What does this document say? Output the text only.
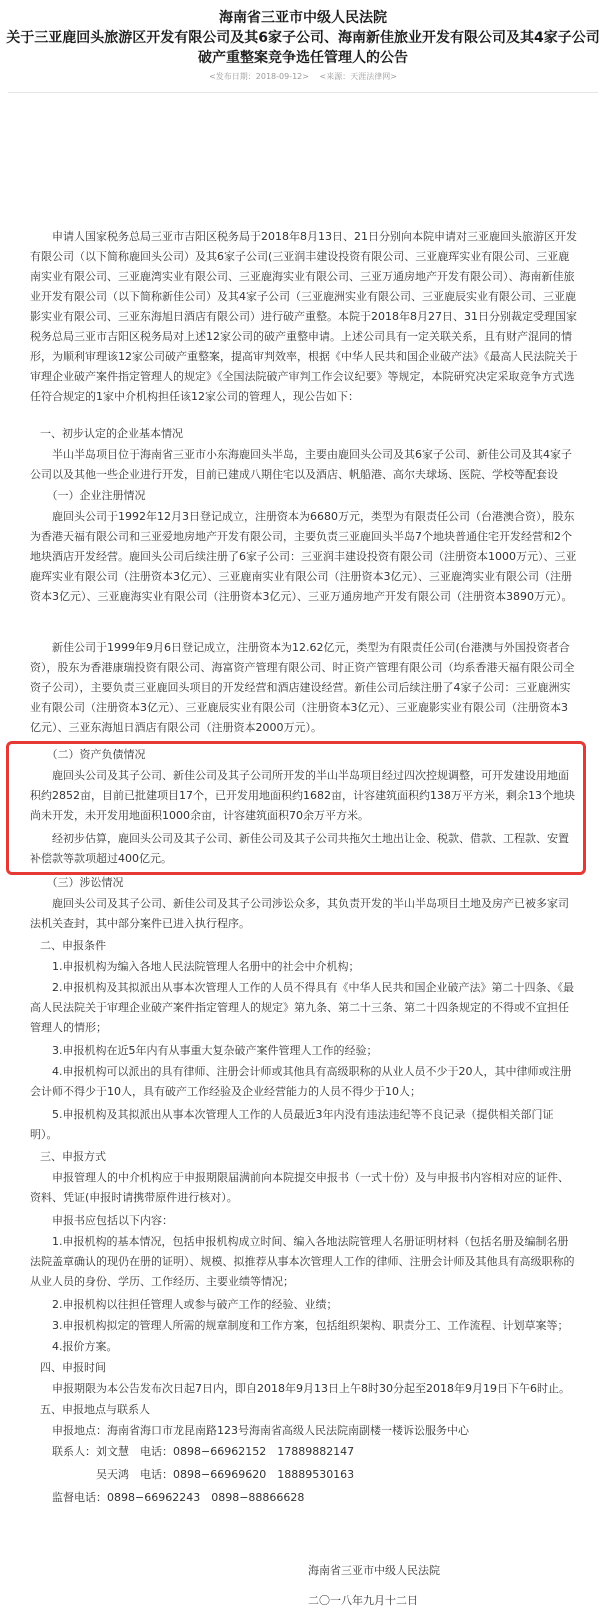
海南省三亚市中级人民法院
关于三亚鹿回头旅游区开发有限公司及其6家子公司、海南新佳旅业开发有限公司及其4家子公司破产重整案竞争选任管理人的公告
<发布日期：2018-09-12> <来源：天涯法律网>

　　申请人国家税务总局三亚市吉阳区税务局于2018年8月13日、21日分别向本院申请对三亚鹿回头旅游区开发有限公司（以下简称鹿回头公司）及其6家子公司(三亚润丰建设投资有限公司、三亚鹿珲实业有限公司、三亚鹿南实业有限公司、三亚鹿湾实业有限公司、三亚鹿海实业有限公司、三亚万通房地产开发有限公司）、海南新佳旅业开发有限公司（以下简称新佳公司）及其4家子公司（三亚鹿洲实业有限公司、三亚鹿辰实业有限公司、三亚鹿影实业有限公司、三亚东海旭日酒店有限公司）进行破产重整。本院于2018年8月27日、31日分别裁定受理国家税务总局三亚市吉阳区税务局对上述12家公司的破产重整申请。上述公司具有一定关联关系，且有财产混同的情形，为顺利审理该12家公司破产重整案，提高审判效率，根据《中华人民共和国企业破产法》《最高人民法院关于审理企业破产案件指定管理人的规定》《全国法院破产审判工作会议纪要》等规定，本院研究决定采取竞争方式选任符合规定的1家中介机构担任该12家公司的管理人，现公告如下：

　　一、初步认定的企业基本情况

　　半山半岛项目位于海南省三亚市小东海鹿回头半岛，主要由鹿回头公司及其6家子公司、新佳公司及其4家子公司以及其他一些企业进行开发，目前已建成八期住宅以及酒店、帆船港、高尔夫球场、医院、学校等配套设

　　（一）企业注册情况

　　鹿回头公司于1992年12月3日登记成立，注册资本为6680万元，类型为有限责任公司（台港澳合资），股东为香港天福有限公司和三亚爱地房地产开发有限公司，主要负责三亚鹿回头半岛7个地块普通住宅开发经营和2个地块酒店开发经营。鹿回头公司后续注册了6家子公司：三亚润丰建设投资有限公司（注册资本1000万元）、三亚鹿珲实业有限公司（注册资本3亿元）、三亚鹿南实业有限公司（注册资本3亿元）、三亚鹿湾实业有限公司（注册资本3亿元）、三亚鹿海实业有限公司（注册资本3亿元）、三亚万通房地产开发有限公司（注册资本3890万元）。

　　新佳公司于1999年9月6日登记成立，注册资本为12.62亿元，类型为有限责任公司(台港澳与外国投资者合资），股东为香港康瑞投资有限公司、海富资产管理有限公司、时正资产管理有限公司（均系香港天福有限公司全资子公司），主要负责三亚鹿回头项目的开发经营和酒店建设经营。新佳公司后续注册了4家子公司：三亚鹿洲实业有限公司（注册资本3亿元）、三亚鹿辰实业有限公司（注册资本3亿元）、三亚鹿影实业有限公司（注册资本3亿元）、三亚东海旭日酒店有限公司（注册资本2000万元）。

　　（二）资产负债情况

　　鹿回头公司及其子公司、新佳公司及其子公司所开发的半山半岛项目经过四次控规调整，可开发建设用地面积约2852亩，目前已批建项目17个，已开发用地面积约1682亩，计容建筑面积约138万平方米，剩余13个地块尚未开发，未开发用地面积1000余亩，计容建筑面积70余万平方米。

　　经初步估算，鹿回头公司及其子公司、新佳公司及其子公司共拖欠土地出让金、税款、借款、工程款、安置补偿款等款项超过400亿元。

　　（三）涉讼情况

　　鹿回头公司及其子公司、新佳公司及其子公司涉讼众多，其负责开发的半山半岛项目土地及房产已被多家司法机关查封，其中部分案件已进入执行程序。

　　二、申报条件

　　1.申报机构为编入各地人民法院管理人名册中的社会中介机构；

　　2.申报机构及其拟派出从事本次管理人工作的人员不得具有《中华人民共和国企业破产法》第二十四条、《最高人民法院关于审理企业破产案件指定管理人的规定》第九条、第二十三条、第二十四条规定的不得或不宜担任管理人的情形；

　　3.申报机构在近5年内有从事重大复杂破产案件管理人工作的经验；

　　4.申报机构可以派出的具有律师、注册会计师或其他具有高级职称的从业人员不少于20人，其中律师或注册会计师不得少于10人，具有破产工作经验及企业经营能力的人员不得少于10人；

　　5.申报机构及其拟派出从事本次管理人工作的人员最近3年内没有违法违纪等不良记录（提供相关部门证明）。

　　三、申报方式

　　申报管理人的中介机构应于申报期限届满前向本院提交申报书（一式十份）及与申报书内容相对应的证件、资料、凭证(申报时请携带原件进行核对）。

　　申报书应包括以下内容：

　　1.申报机构的基本情况，包括申报机构成立时间、编入各地法院管理人名册证明材料（包括名册及编制名册法院盖章确认的现仍在册的证明）、规模、拟推荐从事本次管理人工作的律师、注册会计师及其他具有高级职称的从业人员的身份、学历、工作经历、主要业绩等情况；

　　2.申报机构以往担任管理人或参与破产工作的经验、业绩；

　　3.申报机构拟定的管理人所需的规章制度和工作方案，包括组织架构、职责分工、工作流程、计划草案等；

　　4.报价方案。

　　四、申报时间

　　申报期限为本公告发布次日起7日内，即自2018年9月13日上午8时30分起至2018年9月19日下午6时止。

　　五、申报地点与联系人

　　申报地点：海南省海口市龙昆南路123号海南省高级人民法院南副楼一楼诉讼服务中心

　　联系人：刘文慧　电话：0898−66962152　17889882147

　　　　　　吴天鸿　电话：0898−66969620　18889530163

　　监督电话：0898−66962243　0898−88866628

海南省三亚市中级人民法院
二〇一八年九月十二日
